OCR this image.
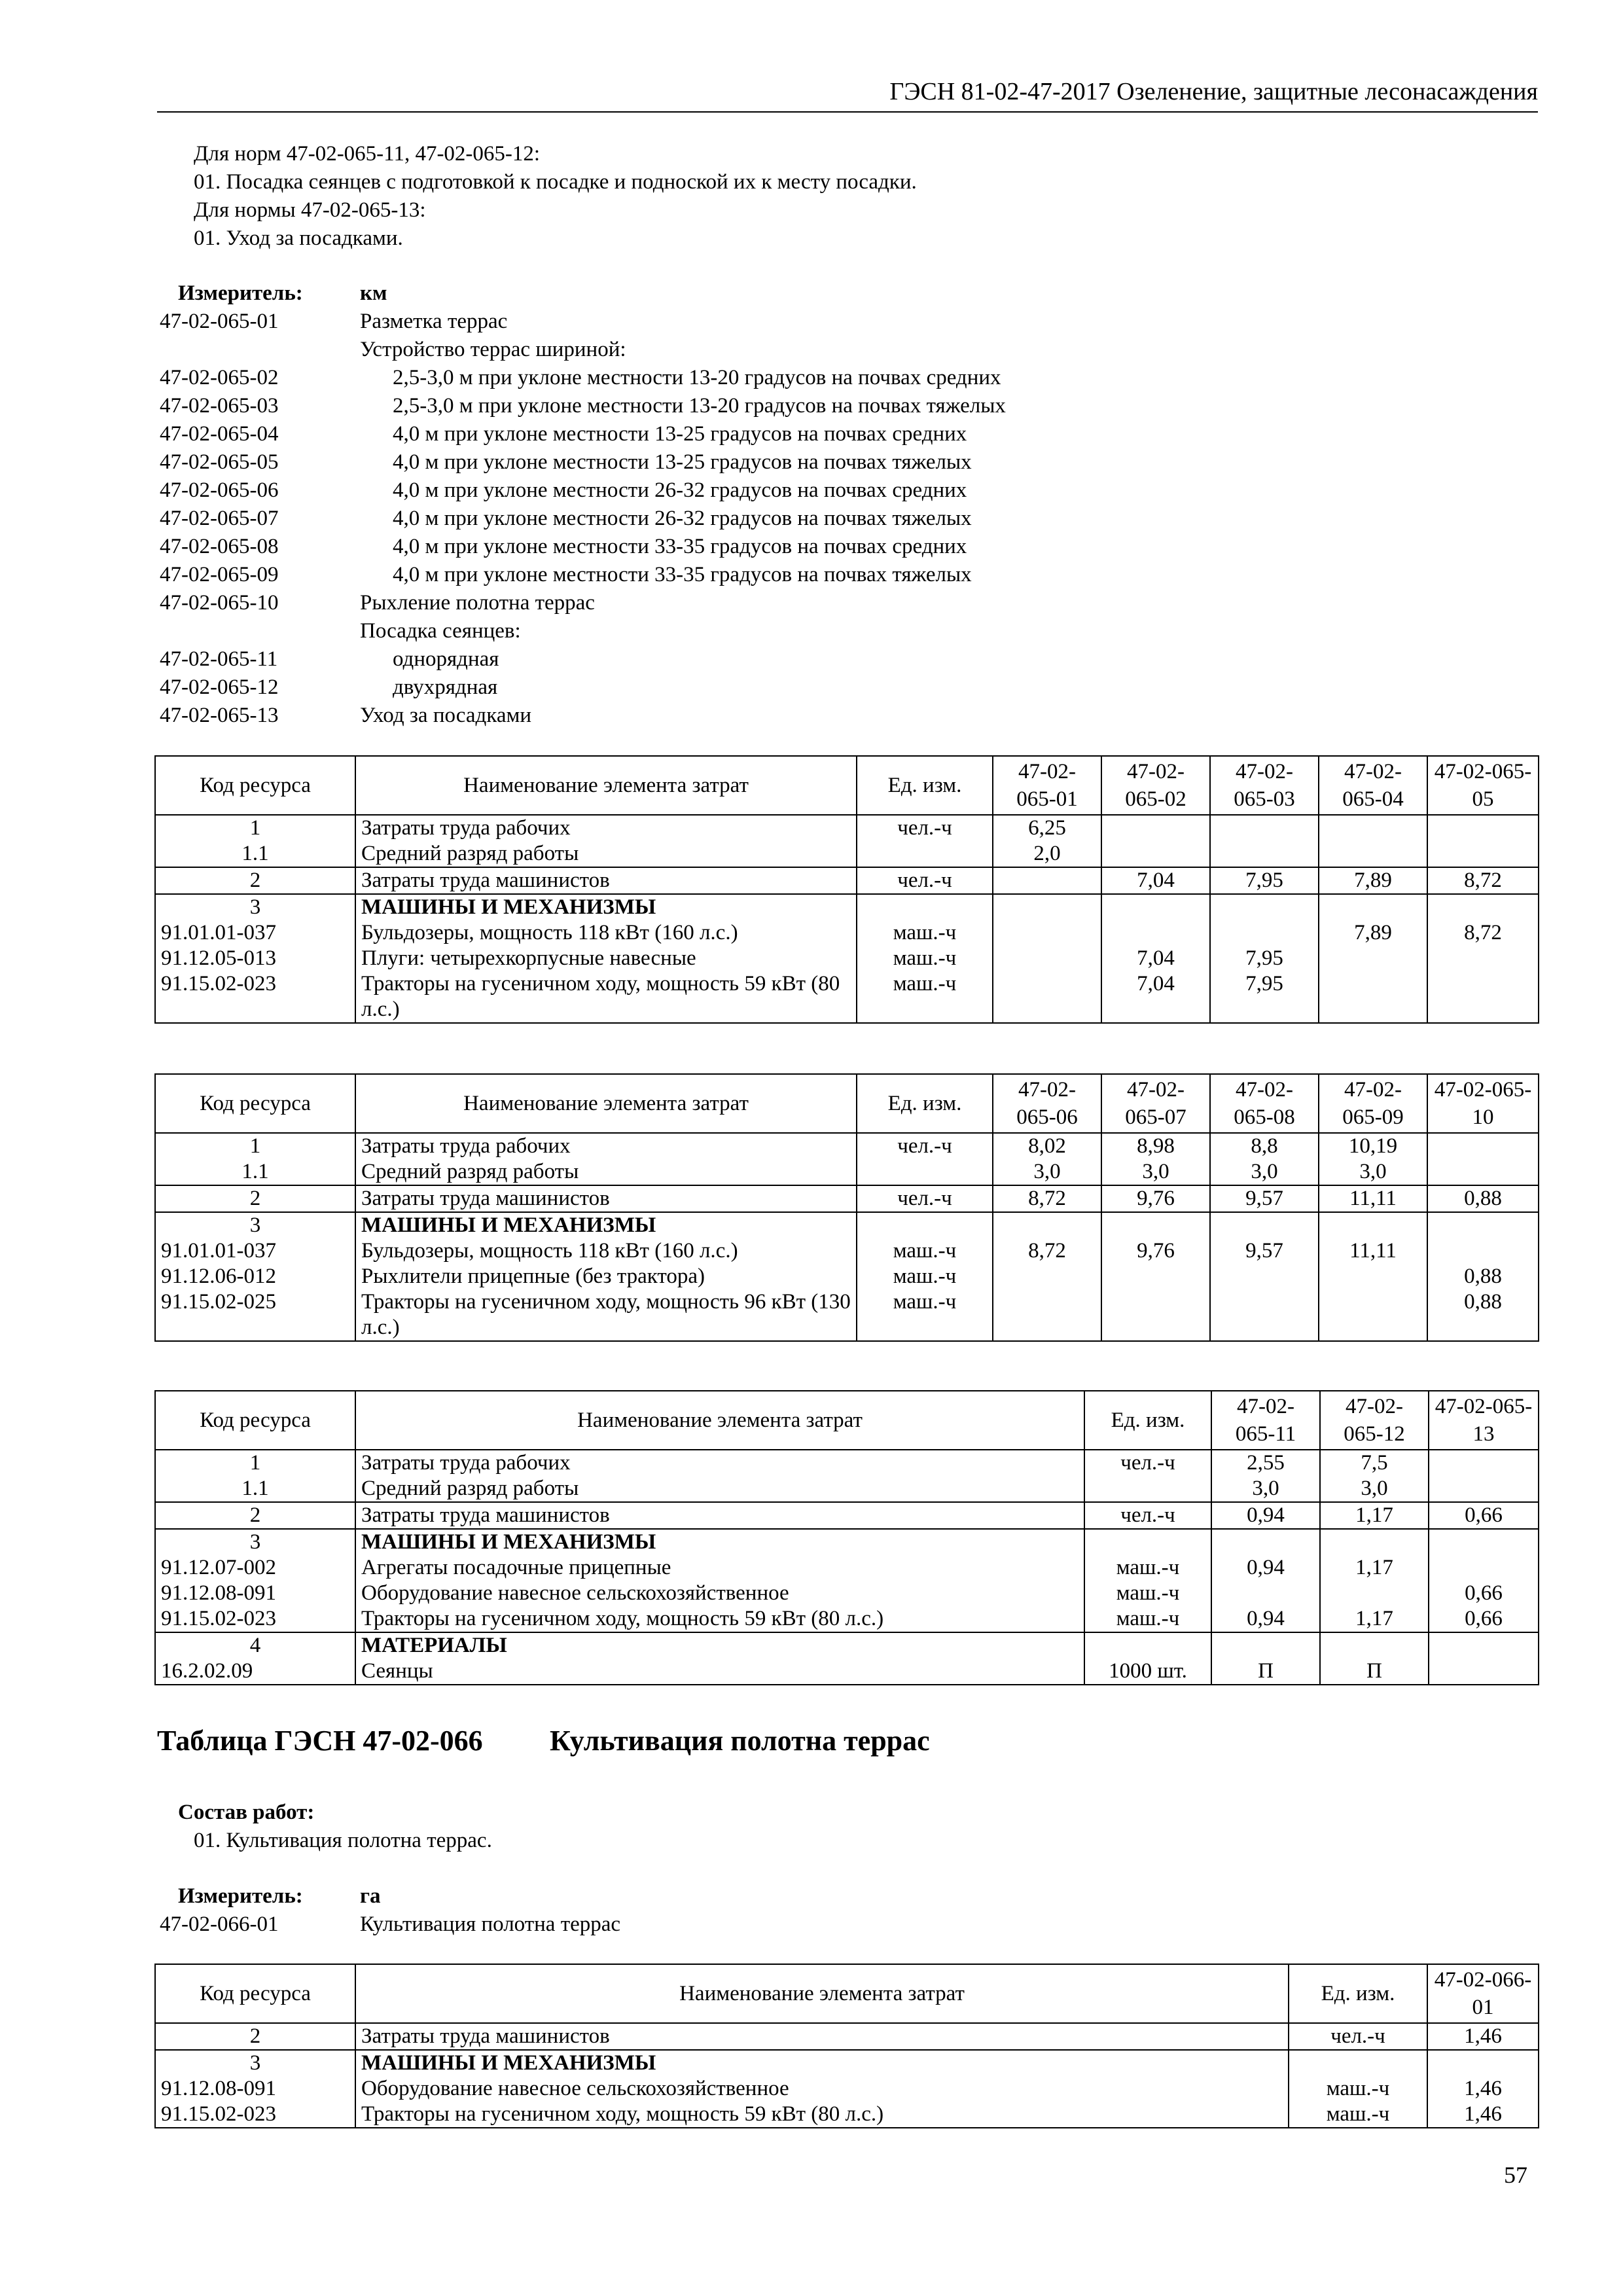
ГЭСН 81-02-47-2017 Озеленение, защитные лесонасаждения
Для норм 47-02-065-11, 47-02-065-12:
01. Посадка сеянцев с подготовкой к посадке и подноской их к месту посадки.
Для нормы 47-02-065-13:
01. Уход за посадками.
Измеритель:	км
47-02-065-01	Разметка террас
Устройство террас шириной:
47-02-065-02	2,5-3,0 м при уклоне местности 13-20 градусов на почвах средних
47-02-065-03	2,5-3,0 м при уклоне местности 13-20 градусов на почвах тяжелых
47-02-065-04	4,0 м при уклоне местности 13-25 градусов на почвах средних
47-02-065-05	4,0 м при уклоне местности 13-25 градусов на почвах тяжелых
47-02-065-06	4,0 м при уклоне местности 26-32 градусов на почвах средних
47-02-065-07	4,0 м при уклоне местности 26-32 градусов на почвах тяжелых
47-02-065-08	4,0 м при уклоне местности 33-35 градусов на почвах средних
47-02-065-09	4,0 м при уклоне местности 33-35 градусов на почвах тяжелых
47-02-065-10	Рыхление полотна террас
Посадка сеянцев:
47-02-065-11	однорядная
47-02-065-12	двухрядная
47-02-065-13	Уход за посадками
Код ресурса	Наименование элемента затрат	Ед. изм.	47-02-065-01	47-02-065-02	47-02-065-03	47-02-065-04	47-02-065-05
1	Затраты труда рабочих	чел.-ч	6,25				
1.1	Средний разряд работы		2,0				
2	Затраты труда машинистов	чел.-ч		7,04	7,95	7,89	8,72
3	МАШИНЫ И МЕХАНИЗМЫ						
91.01.01-037	Бульдозеры, мощность 118 кВт (160 л.с.)	маш.-ч				7,89	8,72
91.12.05-013	Плуги: четырехкорпусные навесные	маш.-ч		7,04	7,95		
91.15.02-023	Тракторы на гусеничном ходу, мощность 59 кВт (80 л.с.)	маш.-ч		7,04	7,95		
Код ресурса	Наименование элемента затрат	Ед. изм.	47-02-065-06	47-02-065-07	47-02-065-08	47-02-065-09	47-02-065-10
1	Затраты труда рабочих	чел.-ч	8,02	8,98	8,8	10,19	
1.1	Средний разряд работы		3,0	3,0	3,0	3,0	
2	Затраты труда машинистов	чел.-ч	8,72	9,76	9,57	11,11	0,88
3	МАШИНЫ И МЕХАНИЗМЫ						
91.01.01-037	Бульдозеры, мощность 118 кВт (160 л.с.)	маш.-ч	8,72	9,76	9,57	11,11	
91.12.06-012	Рыхлители прицепные (без трактора)	маш.-ч					0,88
91.15.02-025	Тракторы на гусеничном ходу, мощность 96 кВт (130 л.с.)	маш.-ч					0,88
Код ресурса	Наименование элемента затрат	Ед. изм.	47-02-065-11	47-02-065-12	47-02-065-13
1	Затраты труда рабочих	чел.-ч	2,55	7,5	
1.1	Средний разряд работы		3,0	3,0	
2	Затраты труда машинистов	чел.-ч	0,94	1,17	0,66
3	МАШИНЫ И МЕХАНИЗМЫ				
91.12.07-002	Агрегаты посадочные прицепные	маш.-ч	0,94	1,17	
91.12.08-091	Оборудование навесное сельскохозяйственное	маш.-ч			0,66
91.15.02-023	Тракторы на гусеничном ходу, мощность 59 кВт (80 л.с.)	маш.-ч	0,94	1,17	0,66
4	МАТЕРИАЛЫ				
16.2.02.09	Сеянцы	1000 шт.	П	П	
Таблица ГЭСН 47-02-066 Культивация полотна террас
Состав работ:
01. Культивация полотна террас.
Измеритель:	га
47-02-066-01	Культивация полотна террас
Код ресурса	Наименование элемента затрат	Ед. изм.	47-02-066-01
2	Затраты труда машинистов	чел.-ч	1,46
3	МАШИНЫ И МЕХАНИЗМЫ		
91.12.08-091	Оборудование навесное сельскохозяйственное	маш.-ч	1,46
91.15.02-023	Тракторы на гусеничном ходу, мощность 59 кВт (80 л.с.)	маш.-ч	1,46
57
